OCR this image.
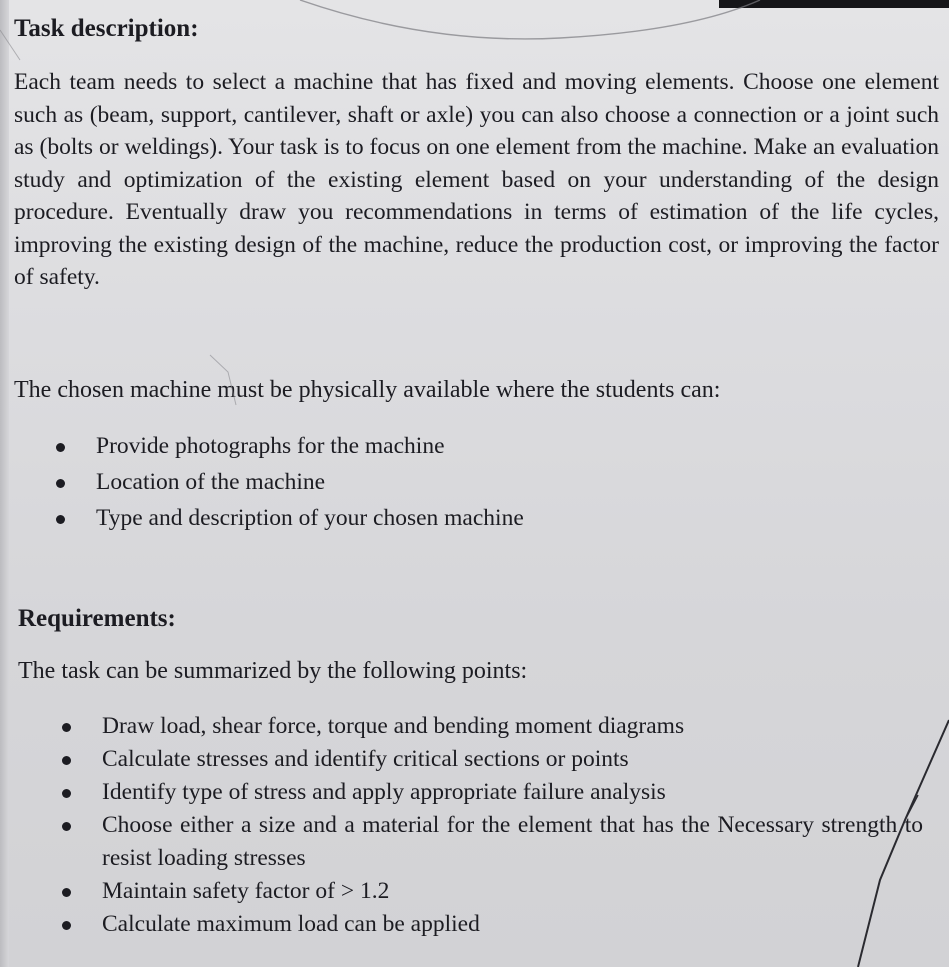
Task description:

Each team needs to select a machine that has fixed and moving elements. Choose one element such as (beam, support, cantilever, shaft or axle) you can also choose a connection or a joint such as (bolts or weldings). Your task is to focus on one element from the machine. Make an evaluation study and optimization of the existing element based on your understanding of the design procedure. Eventually draw you recommendations in terms of estimation of the life cycles, improving the existing design of the machine, reduce the production cost, or improving the factor of safety.

The chosen machine must be physically available where the students can:

Provide photographs for the machine
Location of the machine
Type and description of your chosen machine
Requirements:

The task can be summarized by the following points:

Draw load, shear force, torque and bending moment diagrams
Calculate stresses and identify critical sections or points
Identify type of stress and apply appropriate failure analysis
Choose either a size and a material for the element that has the Necessary strength to resist loading stresses
Maintain safety factor of > 1.2
Calculate maximum load can be applied
